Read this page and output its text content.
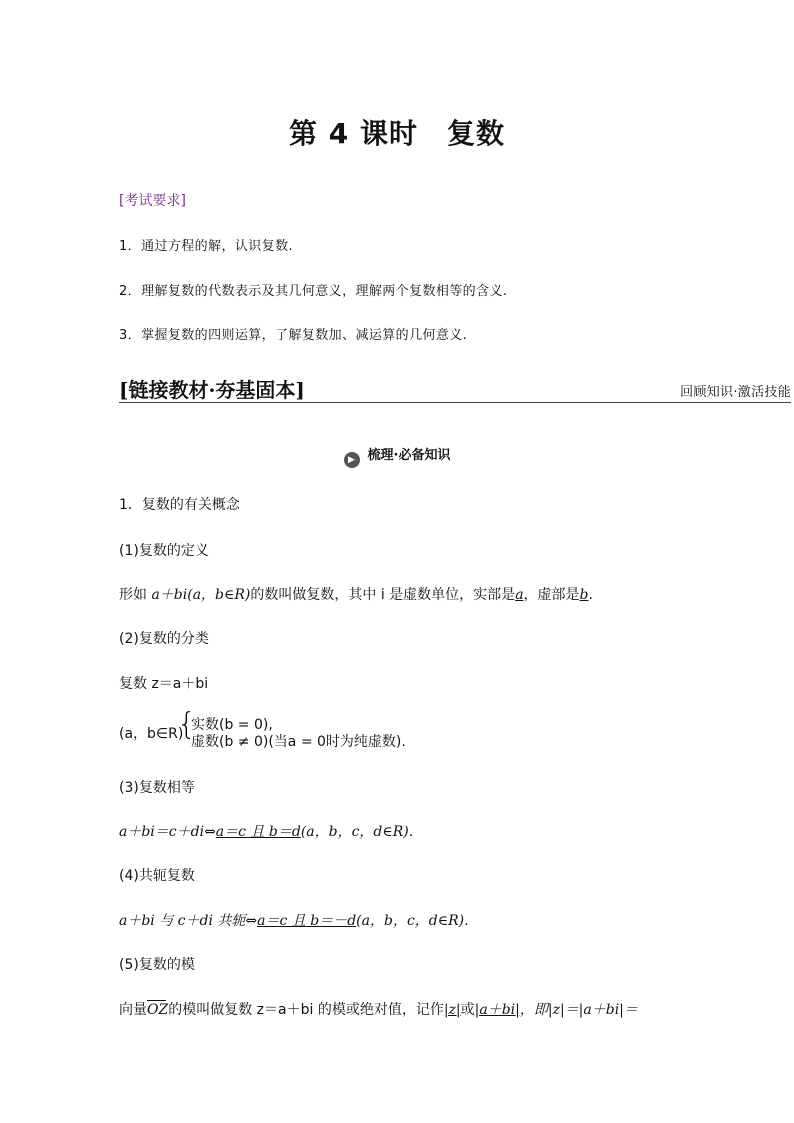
第 4 课时　复数
[考试要求]
1．通过方程的解，认识复数.
2．理解复数的代数表示及其几何意义，理解两个复数相等的含义.
3．掌握复数的四则运算，了解复数加、减运算的几何意义.
[链接教材·夯基固本]	回顾知识·激活技能
▶ 梳理·必备知识
1．复数的有关概念
(1)复数的定义
形如 a＋bi(a，b∈R)的数叫做复数，其中 i 是虚数单位，实部是a，虚部是b.
(2)复数的分类
复数 z＝a＋bi
(a，b∈R)
{
实数(b = 0),
虚数(b ≠ 0)(当a = 0时为纯虚数).
(3)复数相等
a＋bi＝c＋di⇔a＝c 且 b＝d(a，b，c，d∈R).
(4)共轭复数
a＋bi 与 c＋di 共轭⇔a＝c 且 b＝－d(a，b，c，d∈R).
(5)复数的模
向量OZ的模叫做复数 z＝a＋bi 的模或绝对值，记作|z|或|a＋bi|，即|z|＝|a＋bi|＝
